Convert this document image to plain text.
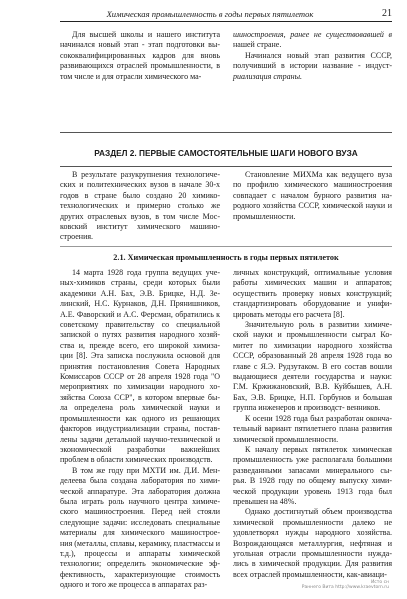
Химическая промышленность в годы первых пятилеток	21

Для высшей школы и нашего института начинался новый этап - этап подготовки вы- сококвалифицированных кадров для вновь развивающихся отраслей промышленности, в том числе и для отрасли химического ма-

шиностроения, ранее не существовавшей в нашей стране.

Начинался новый этап развития СССР, получивший в истории название - индуст- риализация страны.

РАЗДЕЛ 2. ПЕРВЫЕ САМОСТОЯТЕЛЬНЫЕ ШАГИ НОВОГО ВУЗА

В результате разукрупнения технологиче- ских и политехнических вузов в начале 30-х годов в стране было создано 20 химико- технологических и примерно столько же других отраслевых вузов, в том числе Мос- ковский институт химического машино- строения.

Становление МИХМа как ведущего вуза по профилю химического машиностроения совпадает с началом бурного развития на- родного хозяйства СССР, химической науки и промышленности.

2.1. Химическая промышленность в годы первых пятилеток

14 марта 1928 года группа ведущих уче- ных-химиков страны, среди которых были академики А.Н. Бах, Э.В. Брицке, Н.Д. Зе- линский, Н.С. Курнаков, Д.Н. Прянишников, А.Е. Фаворский и А.С. Ферсман, обратились к советскому правительству со специальной запиской о путях развития народного хозяй- ства и, прежде всего, его широкой химиза- ции [8]. Эта записка послужила основой для принятия постановления Совета Народных Комиссаров СССР от 28 апреля 1928 года "О мероприятиях по химизации народного хо- зяйства Союза ССР", в котором впервые бы- ла определена роль химической науки и промышленности как одного из решающих факторов индустриализации страны, постав- лены задачи детальной научно-технической и экономической разработки важнейших проблем в области химических производств.

В том же году при МХТИ им. Д.И. Мен- делеева была создана лаборатория по хими- ческой аппаратуре. Эта лаборатория должна была играть роль научного центра химиче- ского машиностроения. Перед ней стояли следующие задачи: исследовать специальные материалы для химического машинострое- ния (металлы, сплавы, керамику, пластмассы и т.д.), процессы и аппараты химической технологии; определить экономические эф- фективность, характеризующие стоимость одного и того же процесса в аппаратах раз-

личных конструкций, оптимальные условия работы химических машин и аппаратов; осуществить проверку новых конструкций; стандартизировать оборудование и унифи- цировать методы его расчета [8].

Значительную роль в развитии химиче- ской науки и промышленности сыграл Ко- митет по химизации народного хозяйства СССР, образованный 28 апреля 1928 года во главе с Я.Э. Рудзутаком. В его состав вошли выдающиеся деятели государства и науки: Г.М. Кржижановский, В.В. Куйбышев, А.Н. Бах, Э.В. Брицке, Н.П. Горбунов и большая группа инженеров и производст- венников.

К осени 1928 года был разработан оконча- тельный вариант пятилетнего плана развития химической промышленности.

К началу первых пятилеток химическая промышленность уже располагала большими разведанными запасами минерального сы- рья. В 1928 году по общему выпуску хими- ческой продукции уровень 1913 года был превышен на 48%.

Однако достигнутый объем производства химической промышленности далеко не удовлетворял нужды народного хозяйства. Возрождающаяся металлургия, нефтяная и угольная отрасли промышленности нужда- лись в химической продукции. Для развития всех отраслей промышленности, как-авиаци-

Исто сн
Раннего Вита http://www.kraevtorn.ru
